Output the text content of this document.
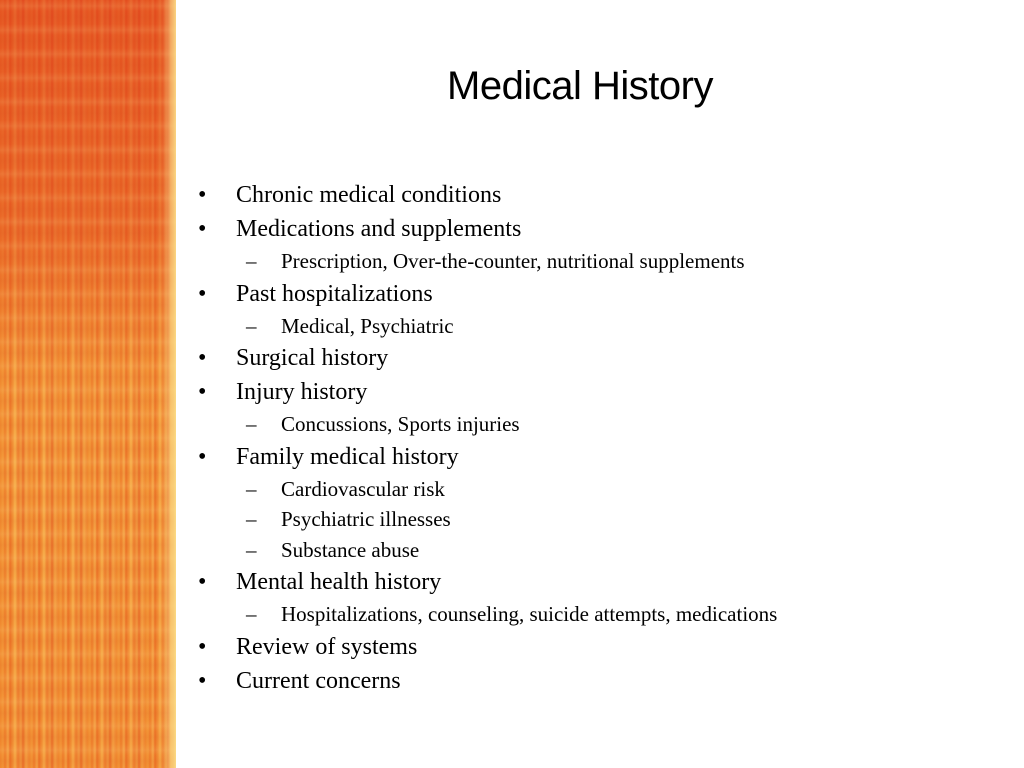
Medical History
• Chronic medical conditions
• Medications and supplements
– Prescription, Over-the-counter, nutritional supplements
• Past hospitalizations
– Medical, Psychiatric
• Surgical history
• Injury history
– Concussions, Sports injuries
• Family medical history
– Cardiovascular risk
– Psychiatric illnesses
– Substance abuse
• Mental health history
– Hospitalizations, counseling, suicide attempts, medications
• Review of systems
• Current concerns
